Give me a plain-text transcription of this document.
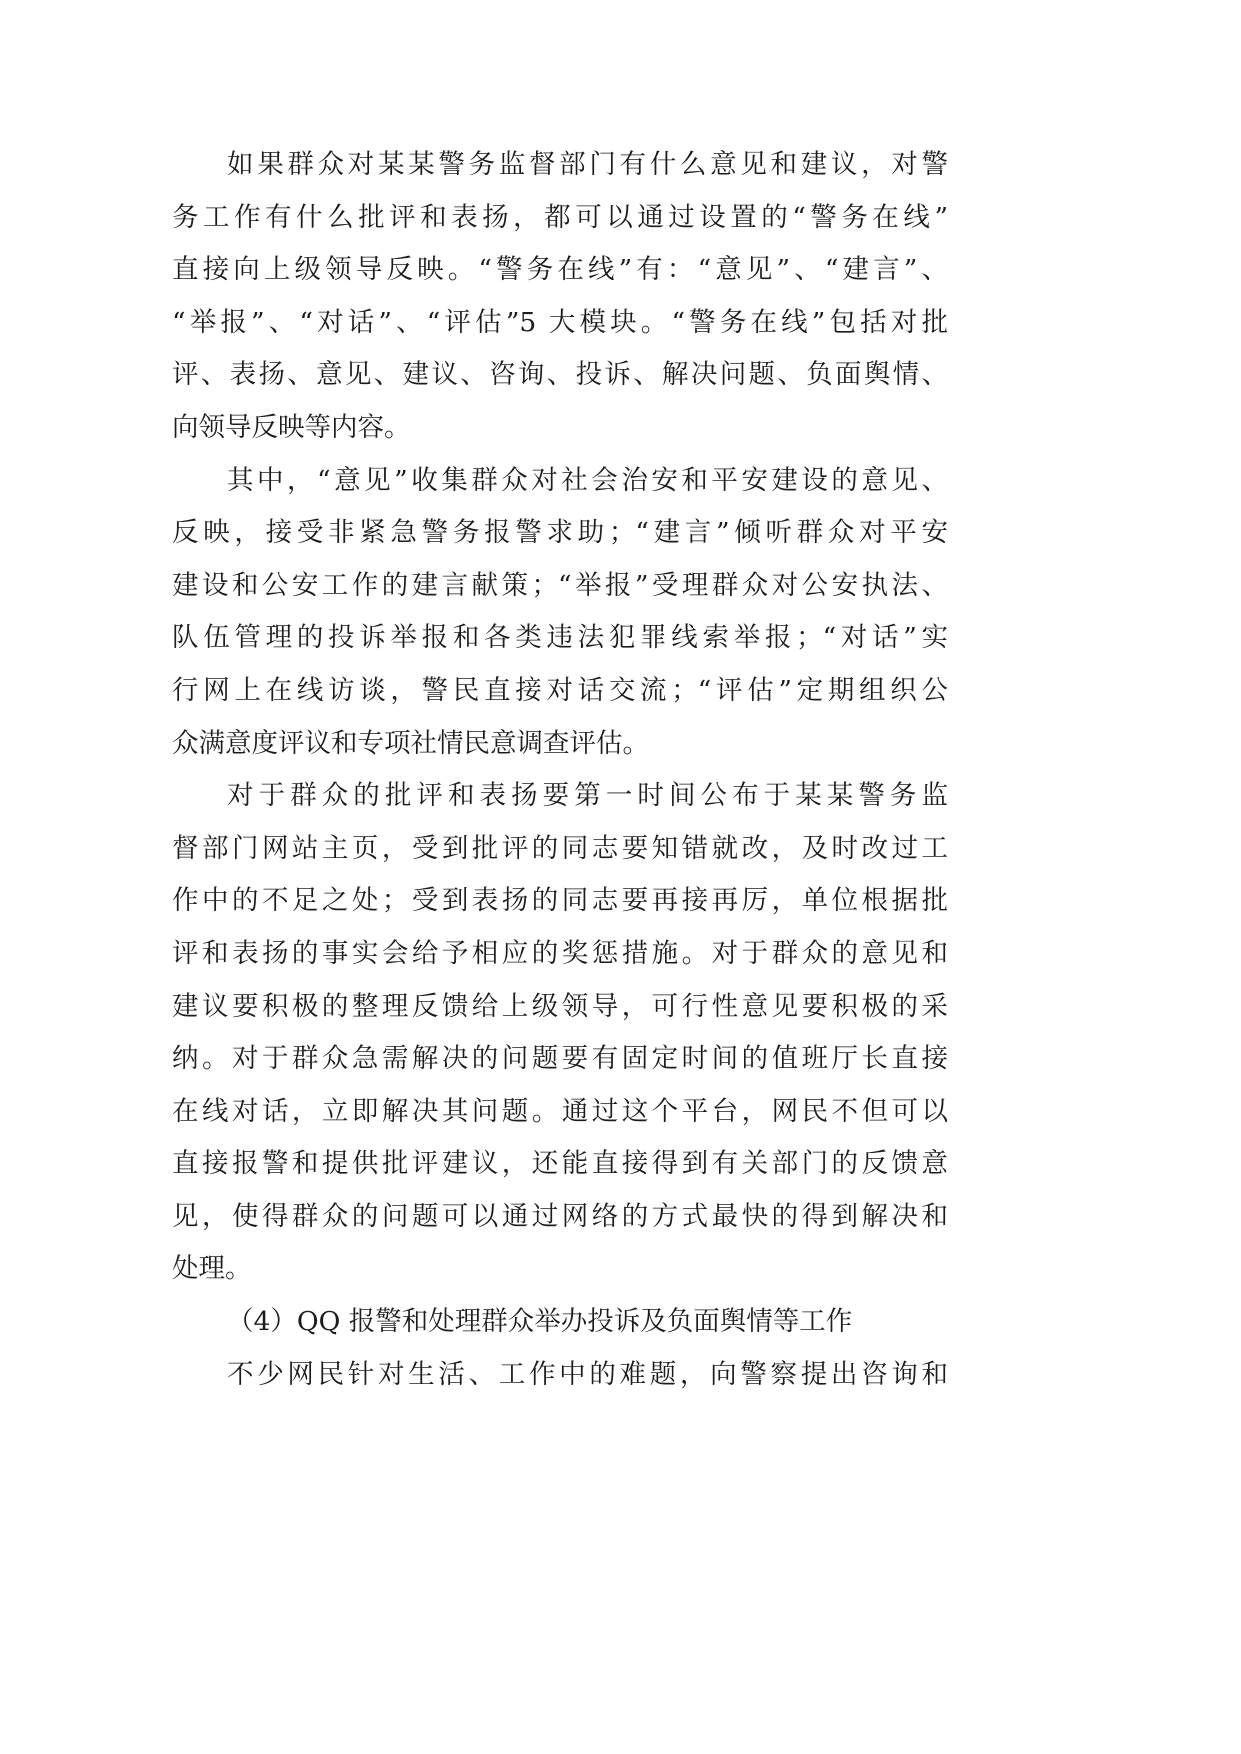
如果群众对某某警务监督部门有什么意见和建议，对警
务工作有什么批评和表扬，都可以通过设置的“警务在线”
直接向上级领导反映。“警务在线”有：“意见”、“建言”、
“举报”、“对话”、“评估”5 大模块。“警务在线”包括对批
评、表扬、意见、建议、咨询、投诉、解决问题、负面舆情、
向领导反映等内容。
其中，“意见”收集群众对社会治安和平安建设的意见、
反映，接受非紧急警务报警求助；“建言”倾听群众对平安
建设和公安工作的建言献策；“举报”受理群众对公安执法、
队伍管理的投诉举报和各类违法犯罪线索举报；“对话”实
行网上在线访谈，警民直接对话交流；“评估”定期组织公
众满意度评议和专项社情民意调查评估。
对于群众的批评和表扬要第一时间公布于某某警务监
督部门网站主页，受到批评的同志要知错就改，及时改过工
作中的不足之处；受到表扬的同志要再接再厉，单位根据批
评和表扬的事实会给予相应的奖惩措施。对于群众的意见和
建议要积极的整理反馈给上级领导，可行性意见要积极的采
纳。对于群众急需解决的问题要有固定时间的值班厅长直接
在线对话，立即解决其问题。通过这个平台，网民不但可以
直接报警和提供批评建议，还能直接得到有关部门的反馈意
见，使得群众的问题可以通过网络的方式最快的得到解决和
处理。
（4）QQ 报警和处理群众举办投诉及负面舆情等工作
不少网民针对生活、工作中的难题，向警察提出咨询和
